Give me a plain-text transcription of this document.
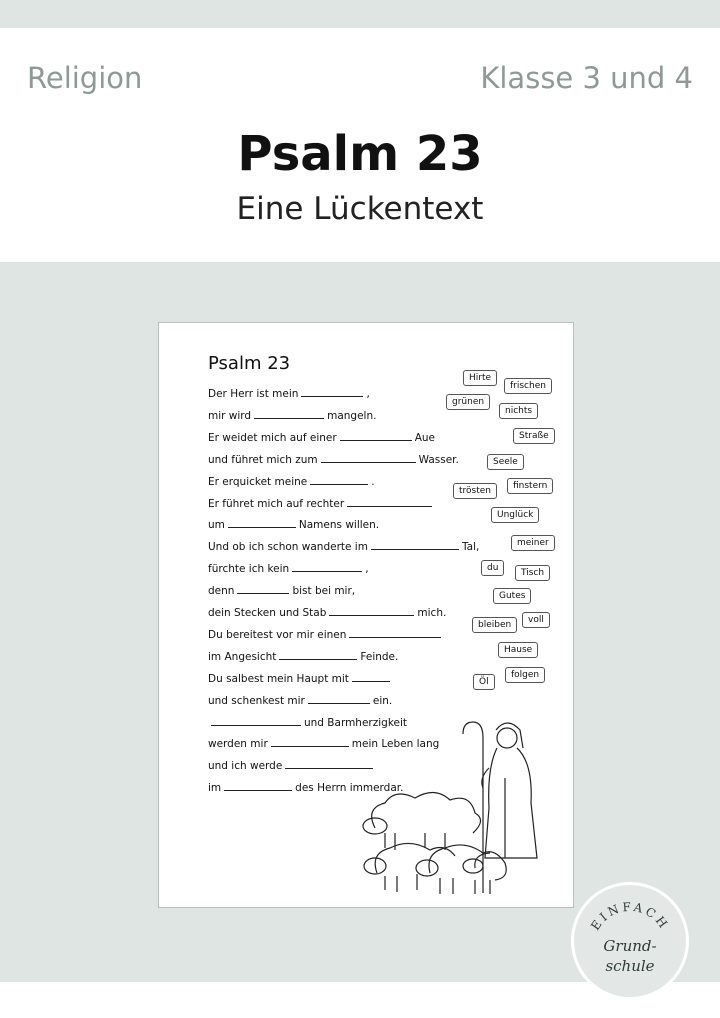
Religion	Klasse 3 und 4
Psalm 23
Eine Lückentext
Psalm 23
Der Herr ist mein	,
mir wird	mangeln.
Er weidet mich auf einer	Aue
und führet mich zum	Wasser.
Er erquicket meine	.
Er führet mich auf rechter
um	Namens willen.
Und ob ich schon wanderte im	Tal,
fürchte ich kein	,
denn	bist bei mir,
dein Stecken und Stab	mich.
Du bereitest vor mir einen
im Angesicht	Feinde.
Du salbest mein Haupt mit
und schenkest mir	ein.
und Barmherzigkeit
werden mir	mein Leben lang
und ich werde
im	des Herrn immerdar.
Hirte
frischen
grünen
nichts
Straße
Seele
trösten	finstern
Unglück
meiner
du	Tisch
Gutes
voll
bleiben
Hause
Öl
folgen
EINFACH
Grund-
schule
